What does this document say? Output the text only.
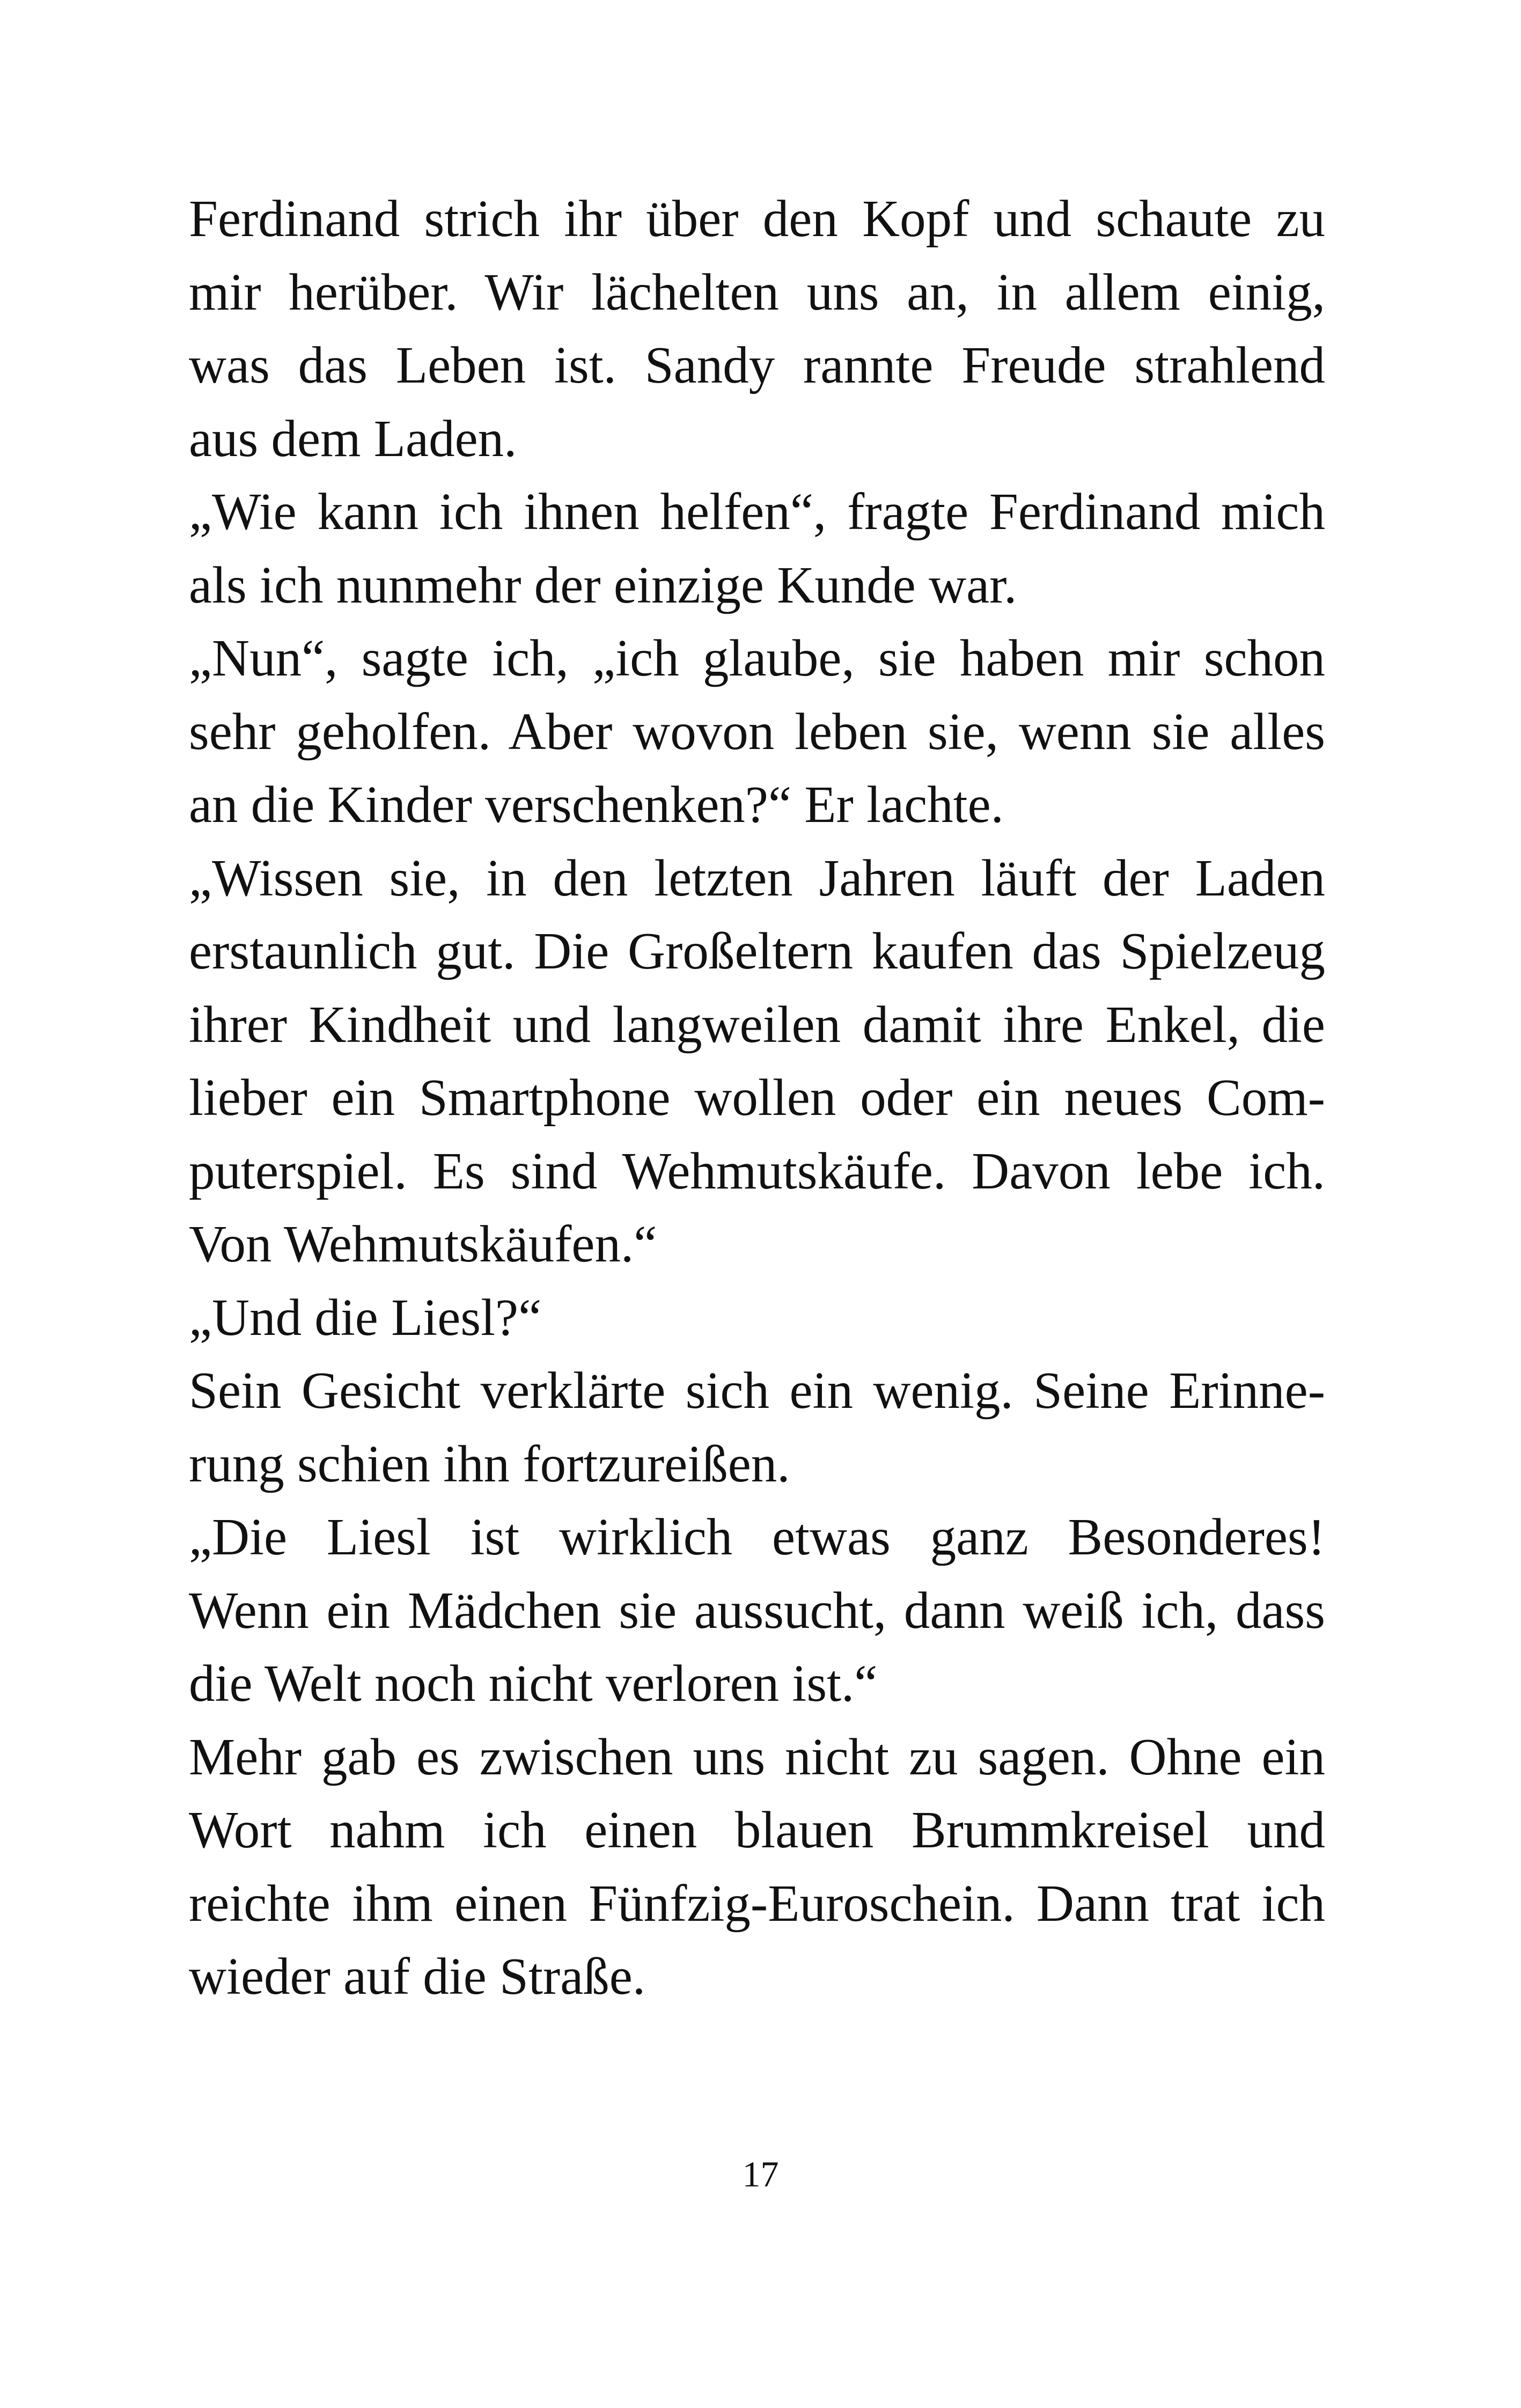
Ferdinand strich ihr über den Kopf und schaute zu
mir herüber. Wir lächelten uns an, in allem einig,
was das Leben ist. Sandy rannte Freude strahlend
aus dem Laden.
„Wie kann ich ihnen helfen“, fragte Ferdinand mich
als ich nunmehr der einzige Kunde war.
„Nun“, sagte ich, „ich glaube, sie haben mir schon
sehr geholfen. Aber wovon leben sie, wenn sie alles
an die Kinder verschenken?“ Er lachte.
„Wissen sie, in den letzten Jahren läuft der Laden
erstaunlich gut. Die Großeltern kaufen das Spielzeug
ihrer Kindheit und langweilen damit ihre Enkel, die
lieber ein Smartphone wollen oder ein neues Com-
puterspiel. Es sind Wehmutskäufe. Davon lebe ich.
Von Wehmutskäufen.“
„Und die Liesl?“
Sein Gesicht verklärte sich ein wenig. Seine Erinne-
rung schien ihn fortzureißen.
„Die Liesl ist wirklich etwas ganz Besonderes!
Wenn ein Mädchen sie aussucht, dann weiß ich, dass
die Welt noch nicht verloren ist.“
Mehr gab es zwischen uns nicht zu sagen. Ohne ein
Wort nahm ich einen blauen Brummkreisel und
reichte ihm einen Fünfzig-Euroschein. Dann trat ich
wieder auf die Straße.
17
